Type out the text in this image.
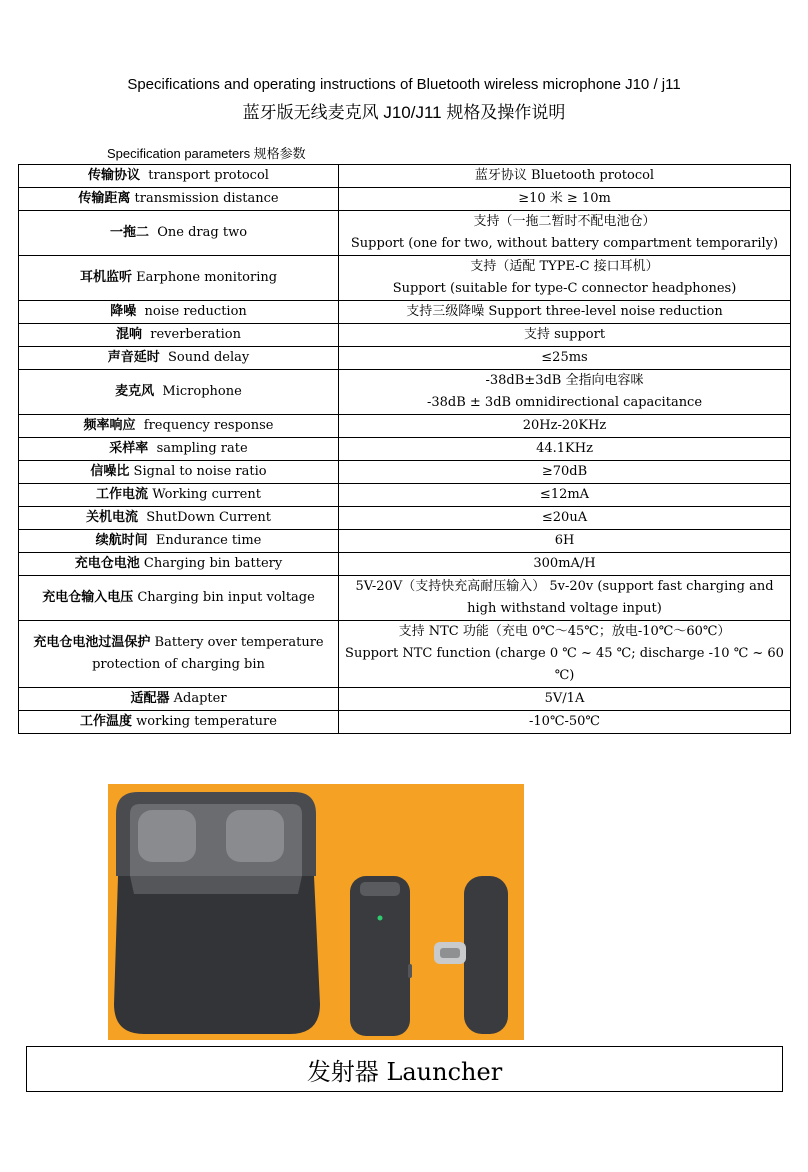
Specifications and operating instructions of Bluetooth wireless microphone J10 / j11
蓝牙版无线麦克风 J10/J11 规格及操作说明
Specification parameters 规格参数
传输协议  transport protocol	蓝牙协议 Bluetooth protocol

传输距离 transmission distance	≥10 米 ≥ 10m

一拖二  One drag two	支持（一拖二暂时不配电池仓）
Support (one for two, without battery compartment temporarily)

耳机监听 Earphone monitoring	支持（适配 TYPE-C 接口耳机）
Support (suitable for type-C connector headphones)

降噪  noise reduction	支持三级降噪 Support three-level noise reduction

混响  reverberation	支持 support

声音延时  Sound delay	≤25ms

麦克风  Microphone	-38dB±3dB 全指向电容咪
-38dB ± 3dB omnidirectional capacitance

频率响应  frequency response	20Hz-20KHz

采样率  sampling rate	44.1KHz

信噪比 Signal to noise ratio	≥70dB

工作电流 Working current	≤12mA

关机电流  ShutDown Current	≤20uA

续航时间  Endurance time	6H

充电仓电池 Charging bin battery	300mA/H

充电仓输入电压 Charging bin input voltage	5V-20V（支持快充高耐压输入） 5v-20v (support fast charging and high withstand voltage input)

充电仓电池过温保护 Battery over temperature protection of charging bin	支持 NTC 功能（充电 0℃～45℃；放电-10℃～60℃）
Support NTC function (charge 0 ℃ ~ 45 ℃; discharge -10 ℃ ~ 60 ℃)

适配器 Adapter	5V/1A

工作温度 working temperature	-10℃-50℃
发射器 Launcher
